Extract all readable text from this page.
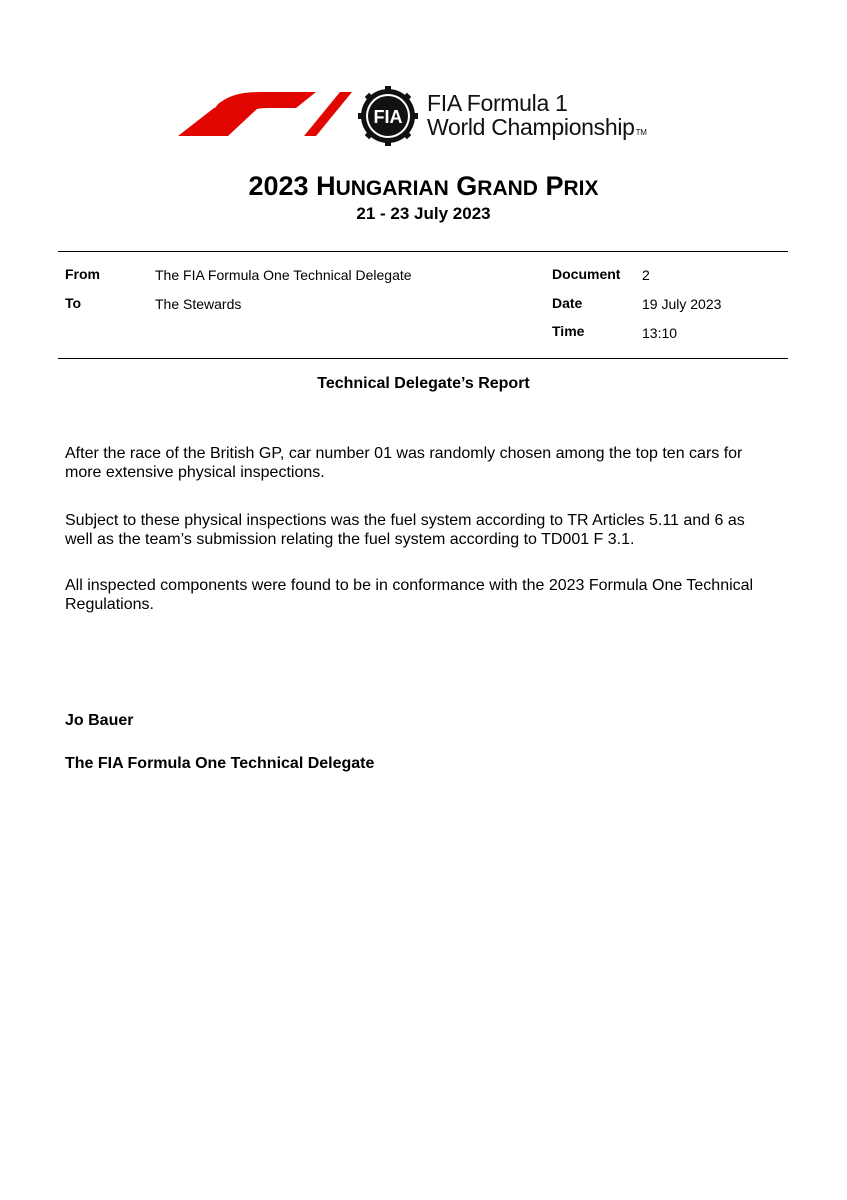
FIA
FIA Formula 1
World ChampionshipTM
2023 HUNGARIAN GRAND PRIX
21 - 23 July 2023
From	The FIA Formula One Technical Delegate
To	The Stewards
Document 2
Date	19 July 2023
Time	13:10
Technical Delegate’s Report
After the race of the British GP, car number 01 was randomly chosen among the top ten cars for more extensive physical inspections.
Subject to these physical inspections was the fuel system according to TR Articles 5.11 and 6 as well as the team’s submission relating the fuel system according to TD001 F 3.1.
All inspected components were found to be in conformance with the 2023 Formula One Technical Regulations.
Jo Bauer
The FIA Formula One Technical Delegate
